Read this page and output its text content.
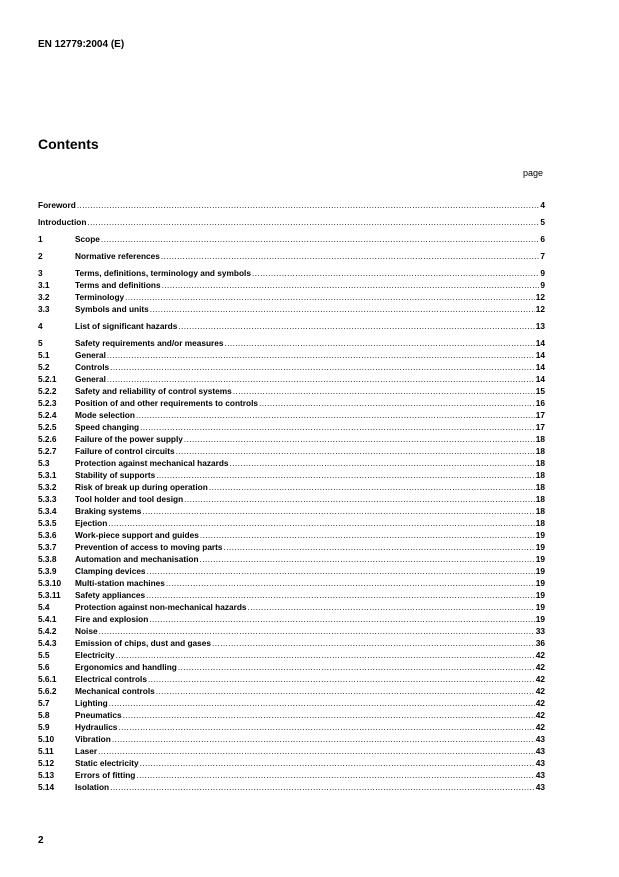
EN 12779:2004 (E)
Contents
page
Foreword .....	4
Introduction .....	5
1	Scope .....	6
2	Normative references .....	7
3	Terms, definitions, terminology and symbols .....	9
3.1	Terms and definitions .....	9
3.2	Terminology .....	12
3.3	Symbols and units .....	12
4	List of significant hazards .....	13
5	Safety requirements and/or measures .....	14
5.1	General .....	14
5.2	Controls .....	14
5.2.1	General .....	14
5.2.2	Safety and reliability of control systems .....	15
5.2.3	Position of and other requirements to controls .....	16
5.2.4	Mode selection .....	17
5.2.5	Speed changing .....	17
5.2.6	Failure of the power supply .....	18
5.2.7	Failure of control circuits .....	18
5.3	Protection against mechanical hazards .....	18
5.3.1	Stability of supports .....	18
5.3.2	Risk of break up during operation .....	18
5.3.3	Tool holder and tool design .....	18
5.3.4	Braking systems .....	18
5.3.5	Ejection .....	18
5.3.6	Work-piece support and guides .....	19
5.3.7	Prevention of access to moving parts .....	19
5.3.8	Automation and mechanisation .....	19
5.3.9	Clamping devices .....	19
5.3.10	Multi-station machines .....	19
5.3.11	Safety appliances .....	19
5.4	Protection against non-mechanical hazards .....	19
5.4.1	Fire and explosion .....	19
5.4.2	Noise .....	33
5.4.3	Emission of chips, dust and gases .....	36
5.5	Electricity .....	42
5.6	Ergonomics and handling .....	42
5.6.1	Electrical controls .....	42
5.6.2	Mechanical controls .....	42
5.7	Lighting .....	42
5.8	Pneumatics .....	42
5.9	Hydraulics .....	42
5.10	Vibration .....	43
5.11	Laser .....	43
5.12	Static electricity .....	43
5.13	Errors of fitting .....	43
5.14	Isolation .....	43
2
